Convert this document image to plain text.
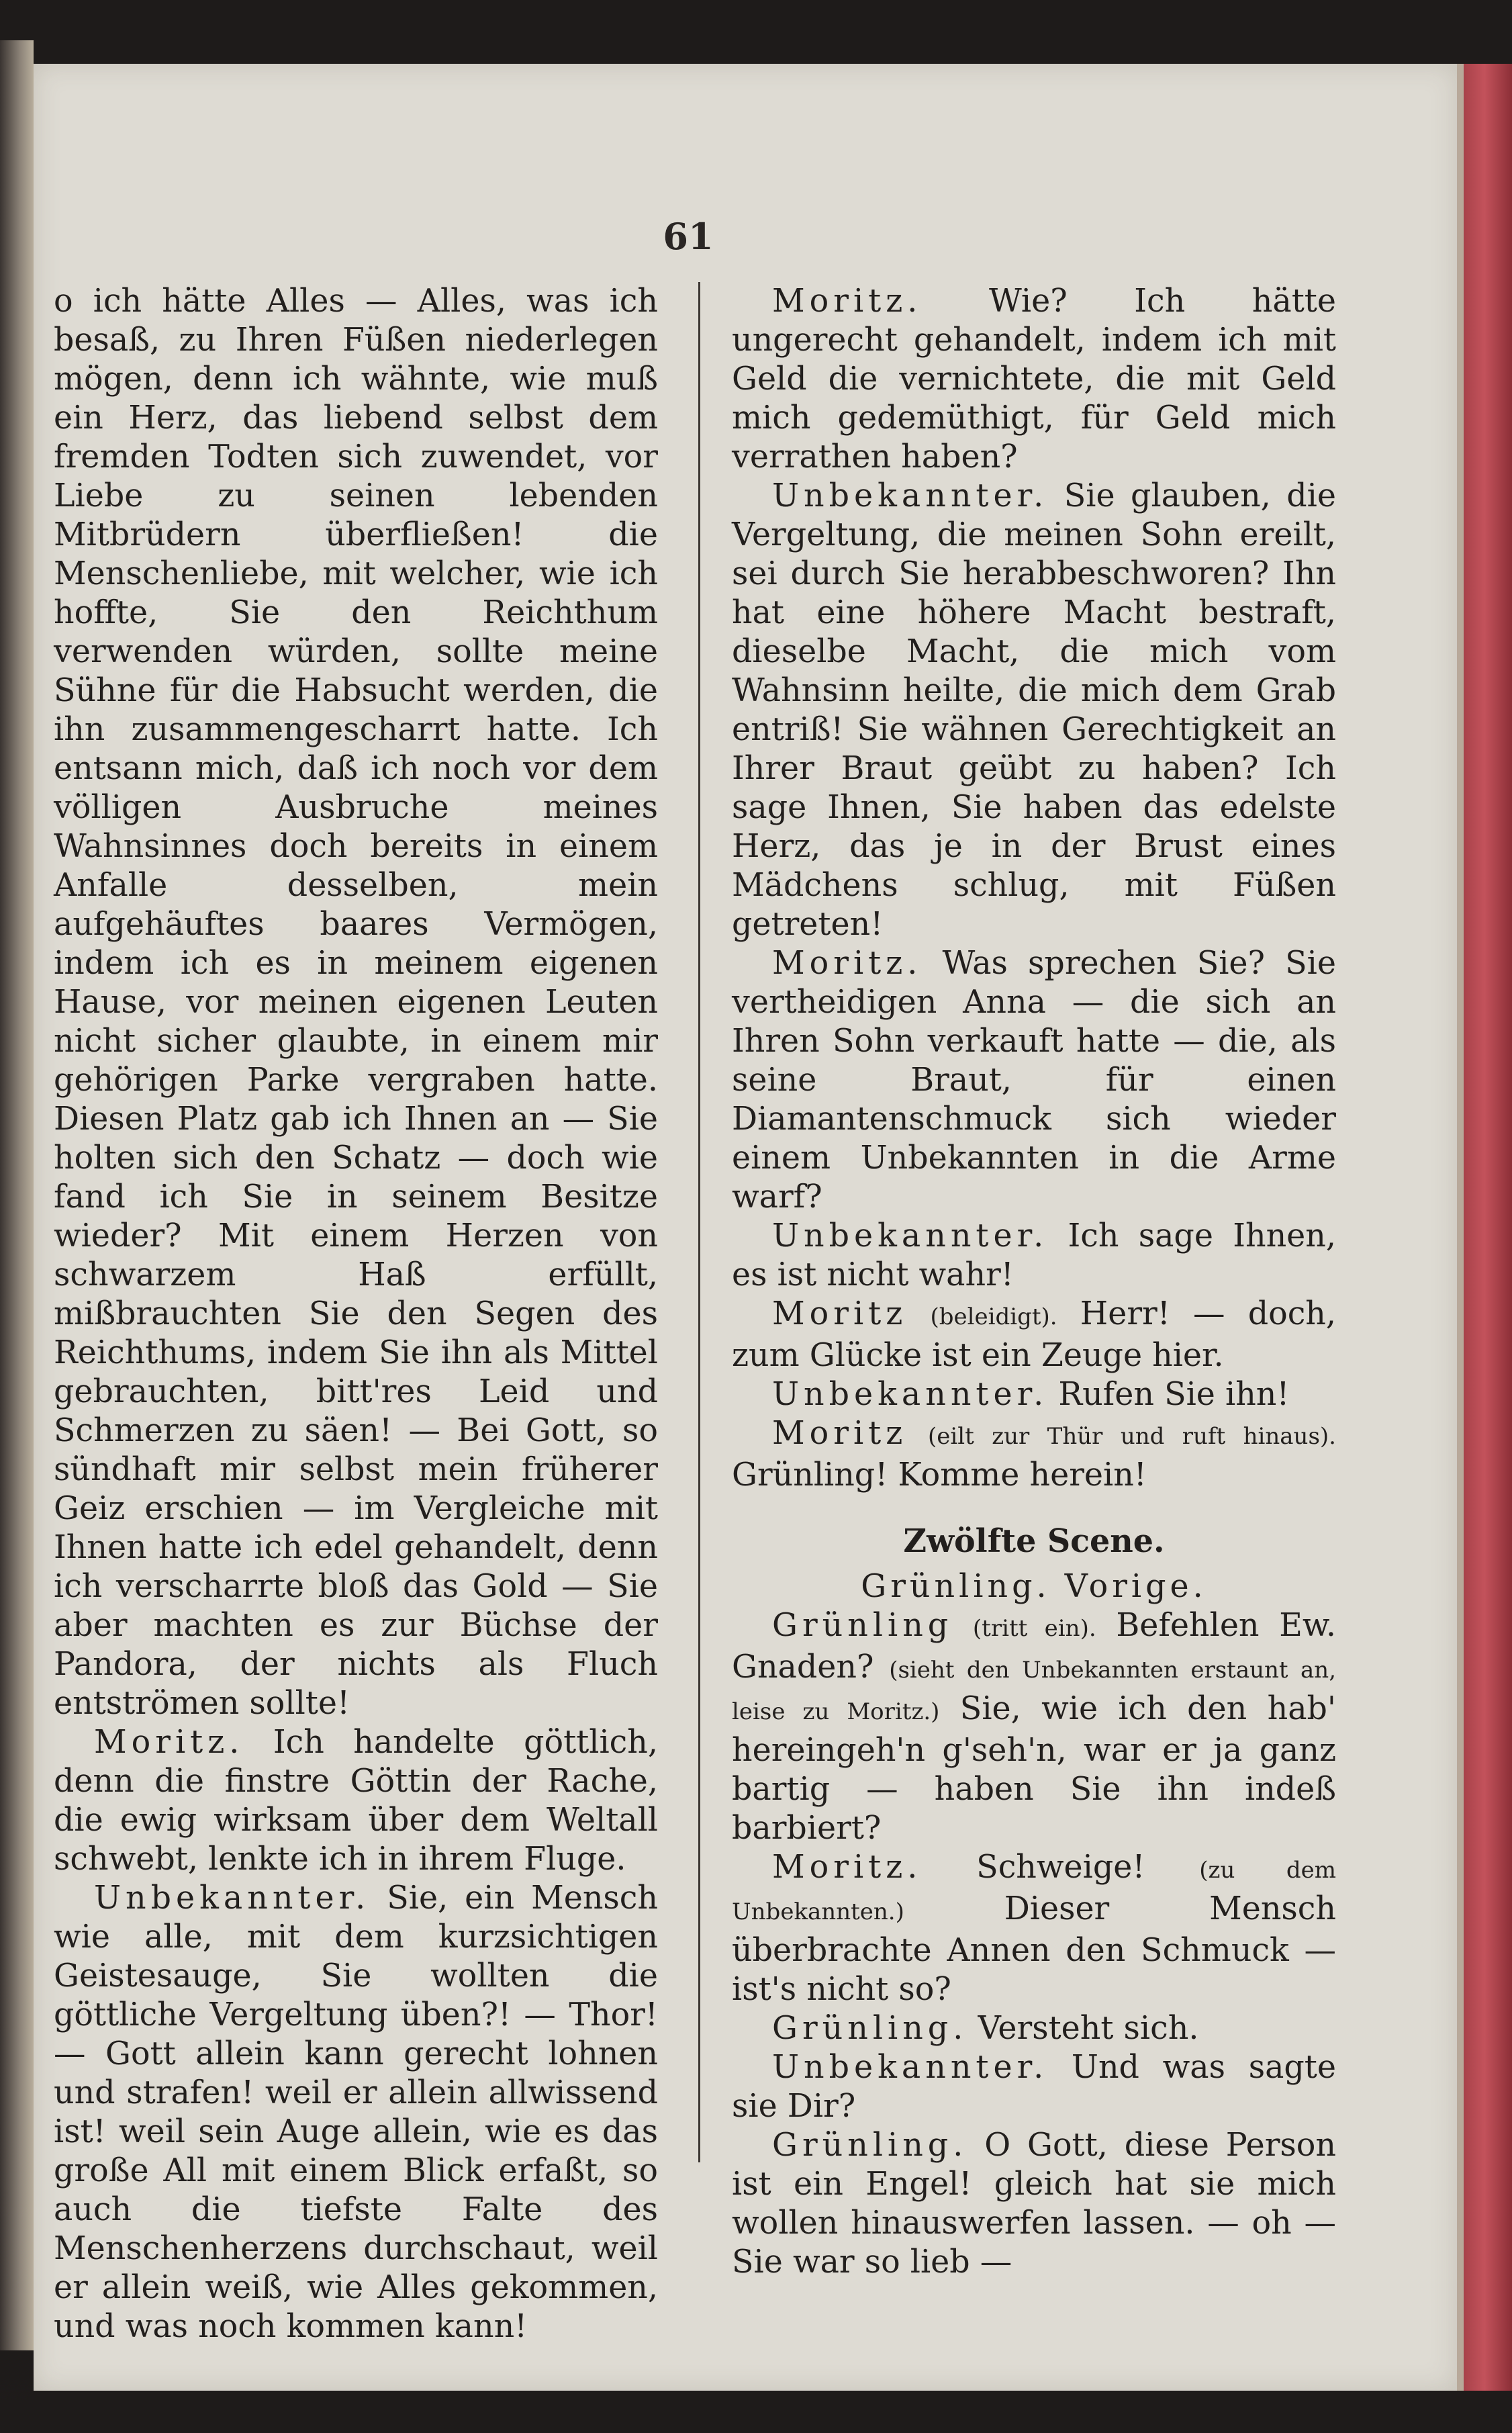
61

o ich hätte Alles — Alles, was ich besaß, zu Ihren Füßen niederlegen mögen, denn ich wähnte, wie muß ein Herz, das liebend selbst dem fremden Todten sich zuwendet, vor Liebe zu seinen lebenden Mitbrüdern überfließen! die Menschenliebe, mit welcher, wie ich hoffte, Sie den Reichthum verwenden würden, sollte meine Sühne für die Habsucht werden, die ihn zusammengescharrt hatte. Ich entsann mich, daß ich noch vor dem völligen Ausbruche meines Wahnsinnes doch bereits in einem Anfalle desselben, mein aufgehäuftes baares Vermögen, indem ich es in meinem eigenen Hause, vor meinen eigenen Leuten nicht sicher glaubte, in einem mir gehörigen Parke vergraben hatte. Diesen Platz gab ich Ihnen an — Sie holten sich den Schatz — doch wie fand ich Sie in seinem Besitze wieder? Mit einem Herzen von schwarzem Haß erfüllt, mißbrauchten Sie den Segen des Reichthums, indem Sie ihn als Mittel gebrauchten, bitt'res Leid und Schmerzen zu säen! — Bei Gott, so sündhaft mir selbst mein früherer Geiz erschien — im Vergleiche mit Ihnen hatte ich edel gehandelt, denn ich verscharrte bloß das Gold — Sie aber machten es zur Büchse der Pandora, der nichts als Fluch entströmen sollte!

Moritz. Ich handelte göttlich, denn die finstre Göttin der Rache, die ewig wirksam über dem Weltall schwebt, lenkte ich in ihrem Fluge.

Unbekannter. Sie, ein Mensch wie alle, mit dem kurzsichtigen Geistesauge, Sie wollten die göttliche Vergeltung üben?! — Thor! — Gott allein kann gerecht lohnen und strafen! weil er allein allwissend ist! weil sein Auge allein, wie es das große All mit einem Blick erfaßt, so auch die tiefste Falte des Menschenherzens durchschaut, weil er allein weiß, wie Alles gekommen, und was noch kommen kann!

Moritz. Wie? Ich hätte ungerecht gehandelt, indem ich mit Geld die vernichtete, die mit Geld mich gedemüthigt, für Geld mich verrathen haben?

Unbekannter. Sie glauben, die Vergeltung, die meinen Sohn ereilt, sei durch Sie herabbeschworen? Ihn hat eine höhere Macht bestraft, dieselbe Macht, die mich vom Wahnsinn heilte, die mich dem Grab entriß! Sie wähnen Gerechtigkeit an Ihrer Braut geübt zu haben? Ich sage Ihnen, Sie haben das edelste Herz, das je in der Brust eines Mädchens schlug, mit Füßen getreten!

Moritz. Was sprechen Sie? Sie vertheidigen Anna — die sich an Ihren Sohn verkauft hatte — die, als seine Braut, für einen Diamantenschmuck sich wieder einem Unbekannten in die Arme warf?

Unbekannter. Ich sage Ihnen, es ist nicht wahr!

Moritz (beleidigt). Herr! — doch, zum Glücke ist ein Zeuge hier.

Unbekannter. Rufen Sie ihn!

Moritz (eilt zur Thür und ruft hinaus). Grünling! Komme herein!

Zwölfte Scene.

Grünling. Vorige.

Grünling (tritt ein). Befehlen Ew. Gnaden? (sieht den Unbekannten erstaunt an, leise zu Moritz.) Sie, wie ich den hab' hereingeh'n g'seh'n, war er ja ganz bartig — haben Sie ihn indeß barbiert?

Moritz. Schweige! (zu dem Unbekannten.)	Dieser Mensch überbrachte Annen den Schmuck — ist's nicht so?

Grünling. Versteht sich.

Unbekannter. Und was sagte sie Dir?

Grünling. O Gott, diese Person ist ein Engel! gleich hat sie mich wollen hinauswerfen lassen. — oh — Sie war so lieb —
